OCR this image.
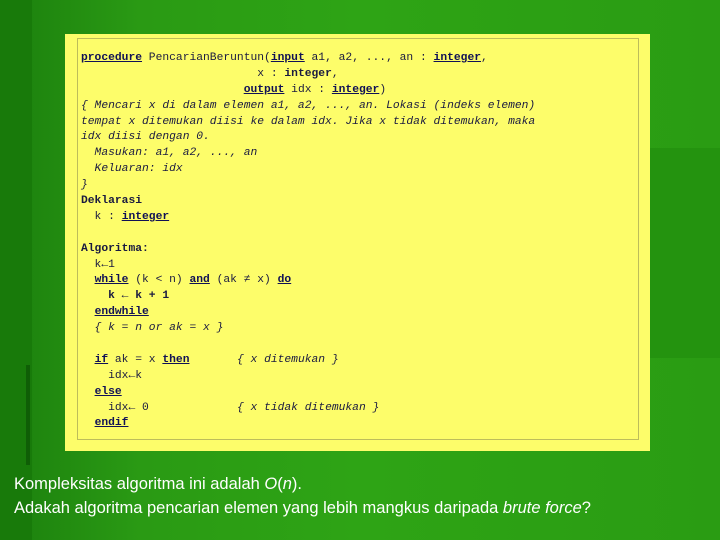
procedure PencarianBeruntun(input a1, a2, ..., an : integer,
x : integer,
output idx : integer)
{ Mencari x di dalam elemen a1, a2, ..., an. Lokasi (indeks elemen)
tempat x ditemukan diisi ke dalam idx. Jika x tidak ditemukan, maka
idx diisi dengan 0.
Masukan: a1, a2, ..., an
Keluaran: idx
}
Deklarasi
k : integer
Algoritma:
k←1
while (k < n) and (ak ≠ x) do
k ← k + 1
endwhile
{ k = n or ak = x }
if ak = x then	{ x ditemukan }
idx←k
else
idx← 0             { x tidak ditemukan }
endif
Kompleksitas algoritma ini adalah O(n).
Adakah algoritma pencarian elemen yang lebih mangkus daripada brute force?
